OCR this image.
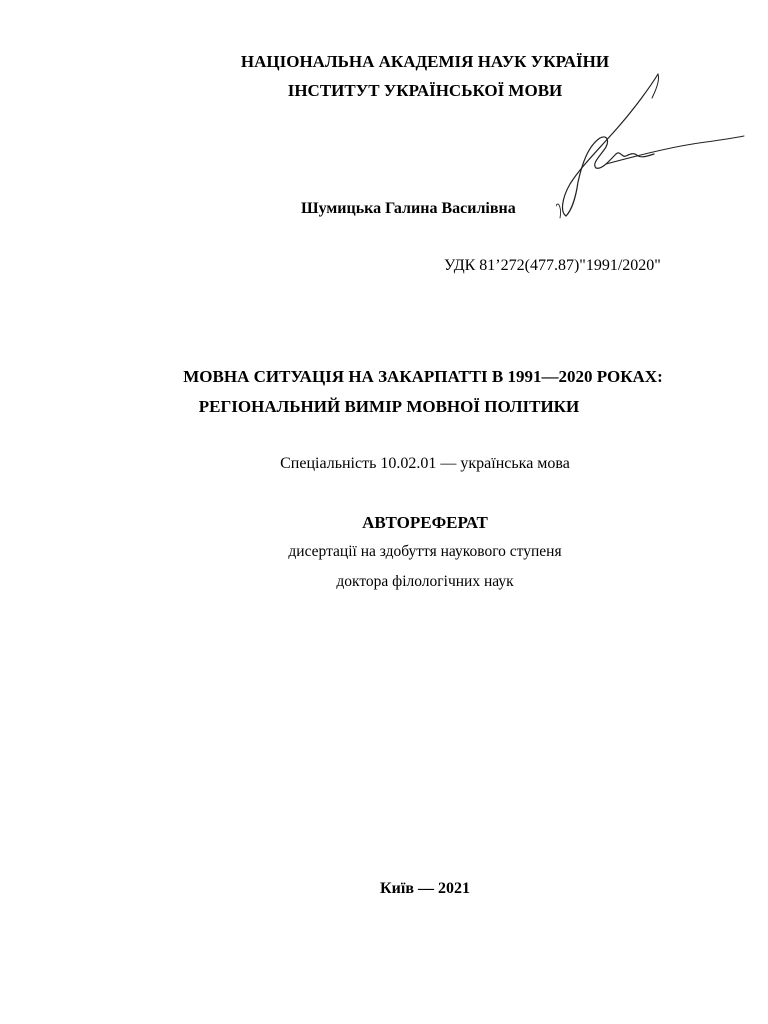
НАЦІОНАЛЬНА АКАДЕМІЯ НАУК УКРАЇНИ
ІНСТИТУТ УКРАЇНСЬКОЇ МОВИ
Шумицька Галина Василівна
УДК 81’272(477.87)"1991/2020"
МОВНА СИТУАЦІЯ НА ЗАКАРПАТТІ В 1991—2020 РОКАХ:
РЕГІОНАЛЬНИЙ ВИМІР МОВНОЇ ПОЛІТИКИ
Спеціальність 10.02.01 — українська мова
АВТОРЕФЕРАТ
дисертації на здобуття наукового ступеня
доктора філологічних наук
Київ — 2021
